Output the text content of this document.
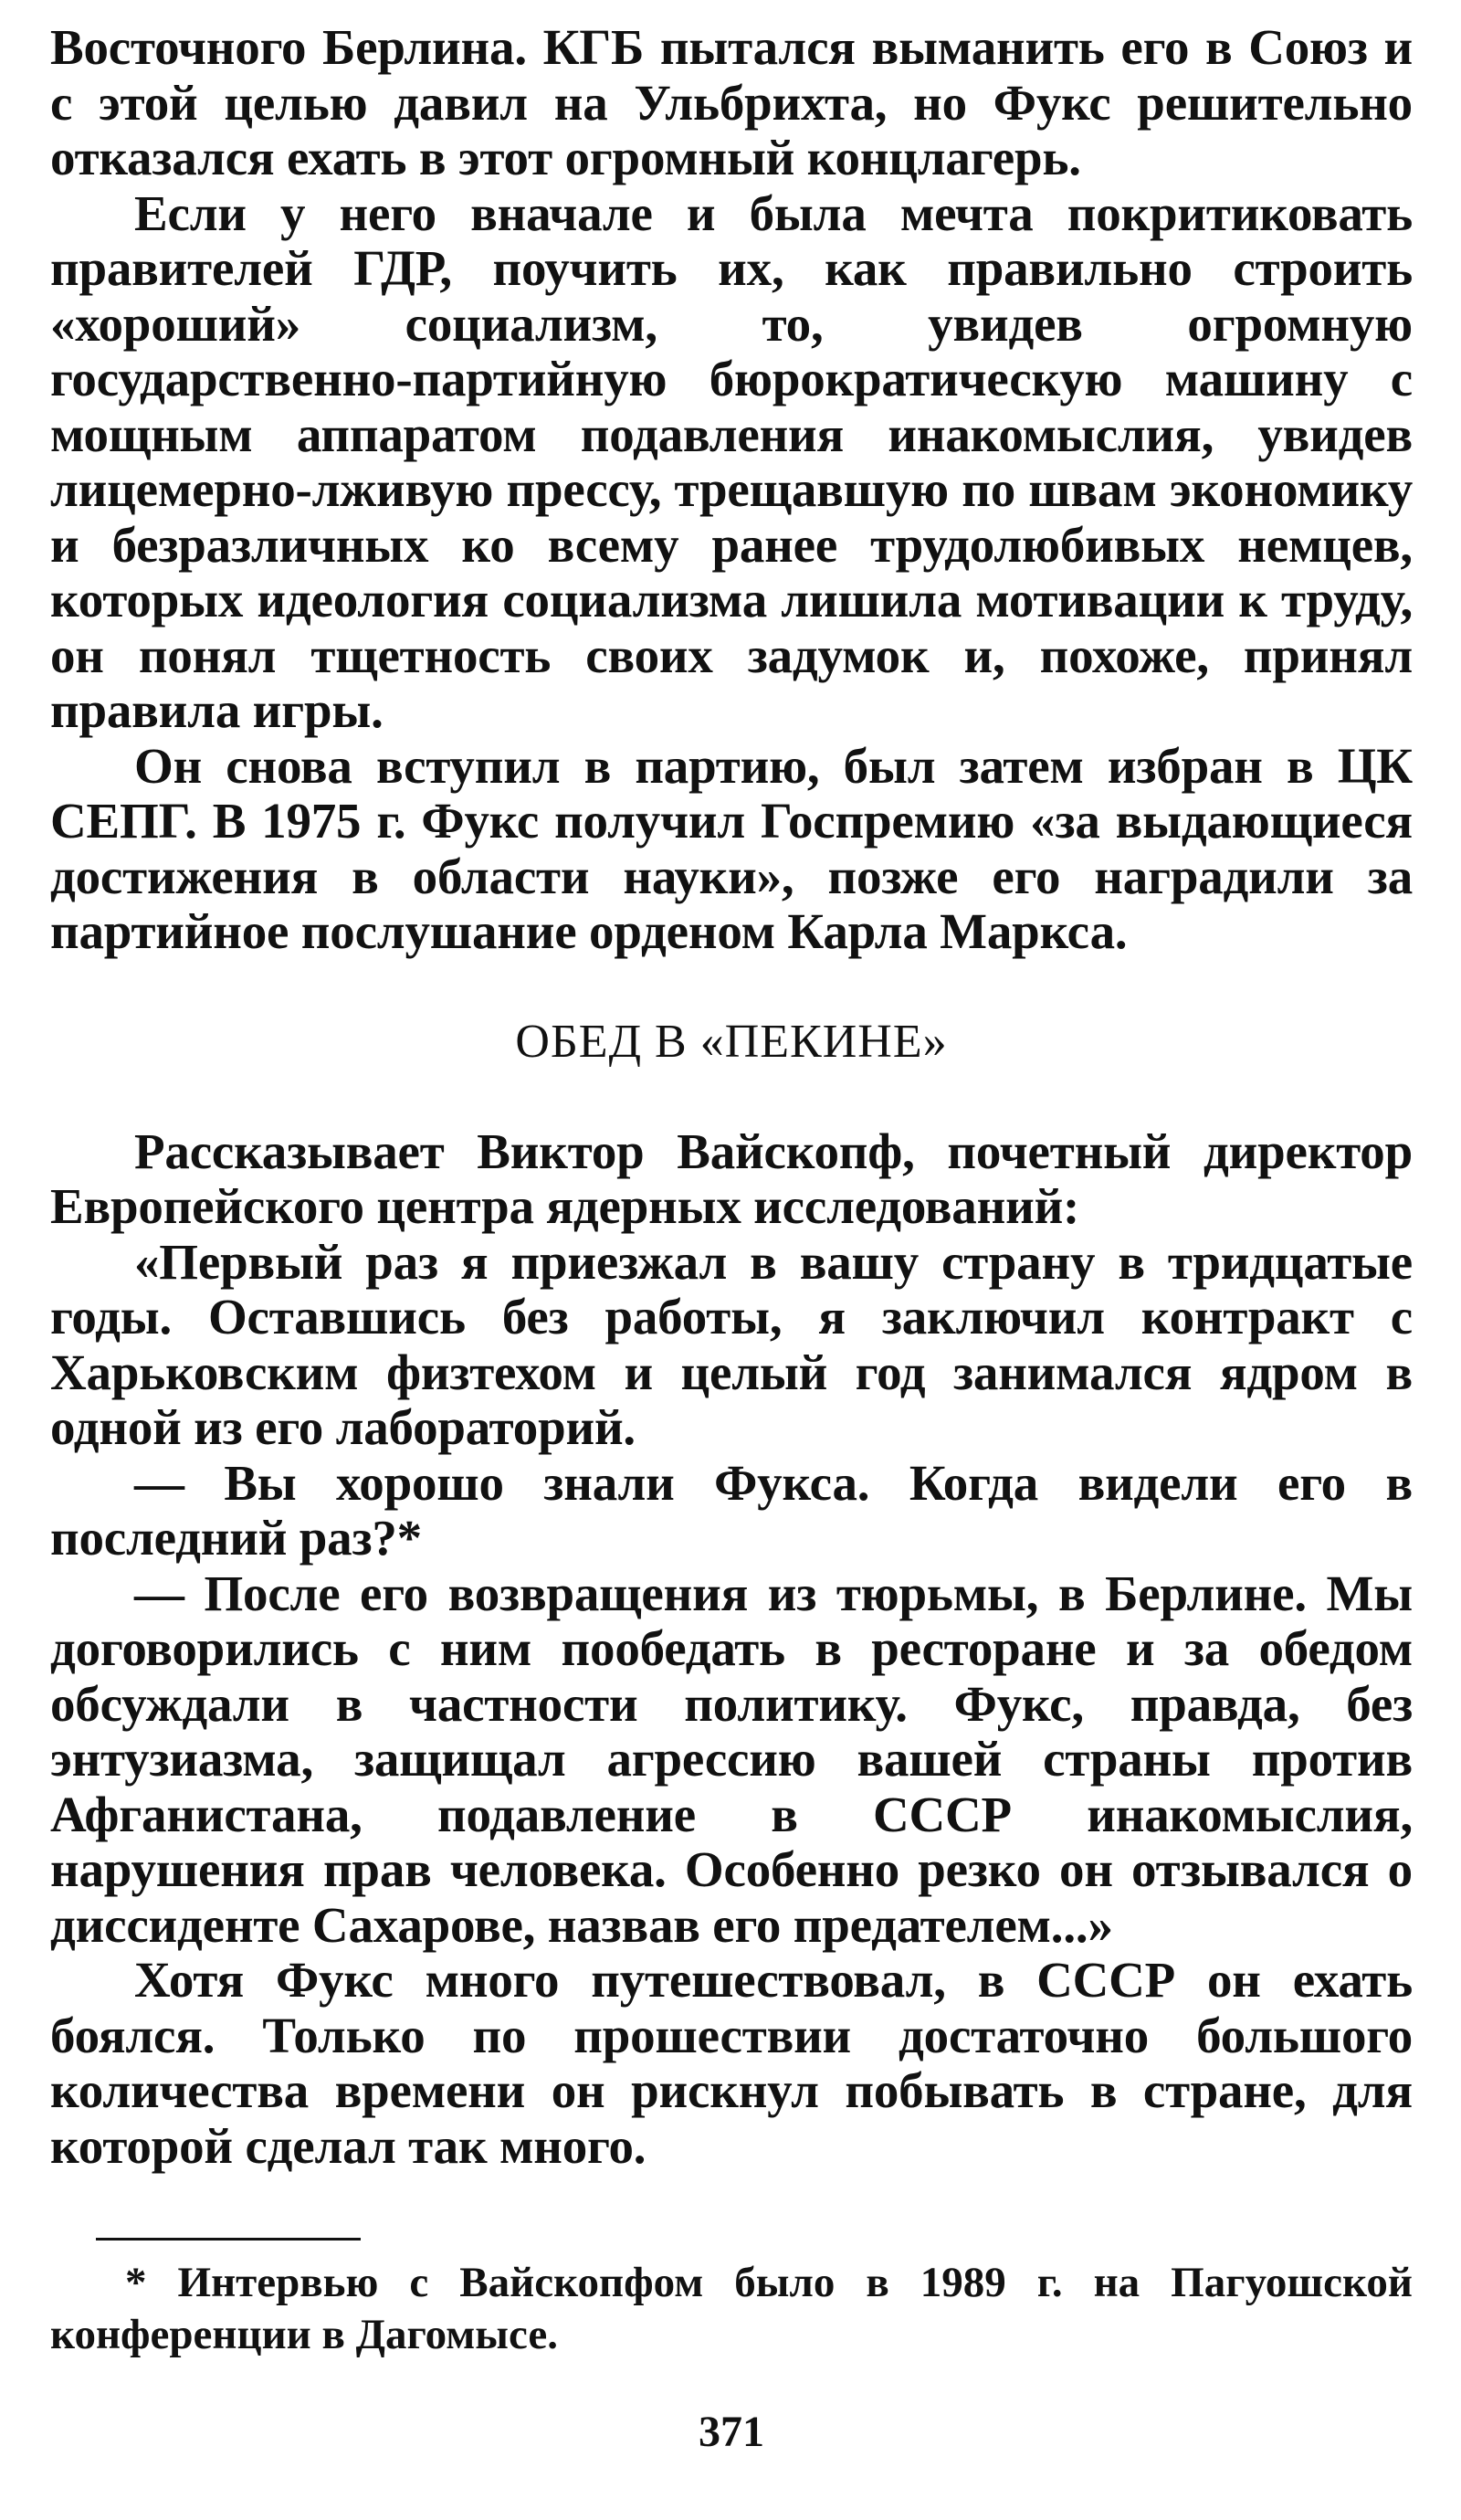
Восточного Берлина. КГБ пытался выманить его в Союз и с этой целью давил на Ульбрихта, но Фукс решительно отказался ехать в этот огромный концлагерь.

Если у него вначале и была мечта покритиковать правителей ГДР, поучить их, как правильно строить «хороший» социализм, то, увидев огромную государственно-партийную бюрократическую машину с мощным аппаратом подавления инакомыслия, увидев лицемерно-лживую прессу, трещавшую по швам экономику и безразличных ко всему ранее трудолюбивых немцев, которых идеология социализма лишила мотивации к труду, он понял тщетность своих задумок и, похоже, принял правила игры.

Он снова вступил в партию, был затем избран в ЦК СЕПГ. В 1975 г. Фукс получил Госпремию «за выдающиеся достижения в области науки», позже его наградили за партийное послушание орденом Карла Маркса.

ОБЕД В «ПЕКИНЕ»

Рассказывает Виктор Вайскопф, почетный директор Европейского центра ядерных исследований:

«Первый раз я приезжал в вашу страну в тридцатые годы. Оставшись без работы, я заключил контракт с Харьковским физтехом и целый год занимался ядром в одной из его лабораторий.

— Вы хорошо знали Фукса. Когда видели его в последний раз?*

— После его возвращения из тюрьмы, в Берлине. Мы договорились с ним пообедать в ресторане и за обедом обсуждали в частности политику. Фукс, правда, без энтузиазма, защищал агрессию вашей страны против Афганистана, подавление в СССР инакомыслия, нарушения прав человека. Особенно резко он отзывался о диссиденте Сахарове, назвав его предателем...»

Хотя Фукс много путешествовал, в СССР он ехать боялся. Только по прошествии достаточно большого количества времени он рискнул побывать в стране, для которой сделал так много.

* Интервью с Вайскопфом было в 1989 г. на Пагуошской конференции в Дагомысе.

371
